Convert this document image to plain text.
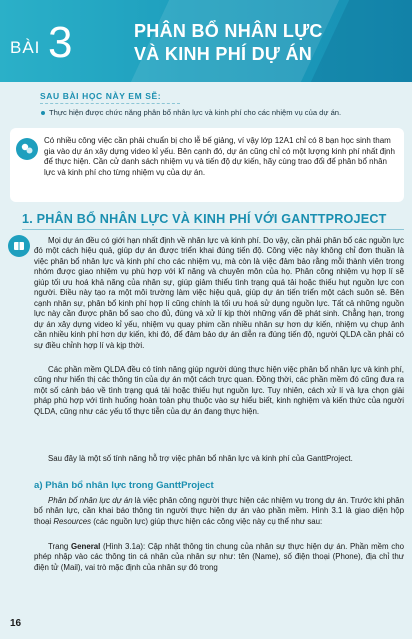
BÀI 3	PHÂN BỔ NHÂN LỰC
VÀ KINH PHÍ DỰ ÁN
SAU BÀI HỌC NÀY EM SẼ:
Thực hiện được chức năng phân bổ nhân lực và kinh phí cho các nhiệm vụ của dự án.
Có nhiều công việc cần phải chuẩn bị cho lễ bế giảng, ví vậy lớp 12A1 chỉ có 8 bạn học sinh tham gia vào dự án xây dựng video kỉ yếu. Bên cạnh đó, dự án cũng chỉ có một lượng kinh phí nhất định để thực hiện. Cần cử danh sách nhiệm vụ và tiến độ dự kiến, hãy cùng trao đổi để phân bổ nhân lực và kinh phí cho từng nhiệm vụ của dự án.
1. PHÂN BỔ NHÂN LỰC VÀ KINH PHÍ VỚI GANTTPROJECT

Mọi dự án đều có giới hạn nhất định về nhân lực và kinh phí. Do vậy, cần phải phân bổ các nguồn lực đó một cách hiệu quả, giúp dự án được triển khai đúng tiến độ. Công việc này không chỉ đơn thuần là việc phân bổ nhân lực và kinh phí cho các nhiệm vụ, mà còn là việc đảm bảo rằng mỗi thành viên trong nhóm được giao nhiệm vụ phù hợp với kĩ năng và chuyên môn của họ. Phân công nhiệm vụ hợp lí sẽ giúp tối ưu hoá khả năng của nhân sự, giúp giảm thiểu tình trạng quá tải hoặc thiếu hụt nguồn lực con người. Điều này tạo ra một môi trường làm việc hiệu quả, giúp dự án tiến triển một cách suôn sẻ. Bên cạnh nhân sự, phân bổ kinh phí hợp lí cũng chính là tối ưu hoá sử dụng nguồn lực. Tất cả những nguồn lực này cần được phân bổ sao cho đủ, đúng và xử lí kịp thời những vấn đề phát sinh. Chẳng hạn, trong dự án xây dựng video kỉ yếu, nhiệm vụ quay phim cần nhiều nhân sự hơn dự kiến, nhiệm vụ chụp ảnh cần nhiều kinh phí hơn dự kiến, khi đó, để đảm bảo dự án diễn ra đúng tiến độ, người QLDA cần phải có sự điều chỉnh hợp lí và kịp thời.

Các phần mềm QLDA đều có tính năng giúp người dùng thực hiện việc phân bổ nhân lực và kinh phí, cũng như hiển thị các thông tin của dự án một cách trực quan. Đồng thời, các phần mềm đó cũng đưa ra một số cảnh báo về tình trạng quá tải hoặc thiếu hụt nguồn lực. Tuy nhiên, cách xử lí và lựa chọn giải pháp phù hợp với tình huống hoàn toàn phụ thuộc vào sự hiểu biết, kinh nghiệm và kiến thức của người QLDA, cũng như các yếu tố thực tiễn của dự án đang thực hiện.

Sau đây là một số tính năng hỗ trợ việc phân bổ nhân lực và kinh phí của GanttProject.

a) Phân bổ nhân lực trong GanttProject

Phân bổ nhân lực dự án là việc phân công người thực hiện các nhiệm vụ trong dự án. Trước khi phân bổ nhân lực, cần khai báo thông tin người thực hiện dự án vào phần mềm. Hình 3.1 là giao diện hộp thoại Resources (các nguồn lực) giúp thực hiện các công việc này cụ thể như sau:

Trang General (Hình 3.1a): Cập nhật thông tin chung của nhân sự thực hiện dự án. Phần mềm cho phép nhập vào các thông tin cá nhân của nhân sự như: tên (Name), số điện thoại (Phone), địa chỉ thư điện tử (Mail), vai trò mặc định của nhân sự đó trong

16
